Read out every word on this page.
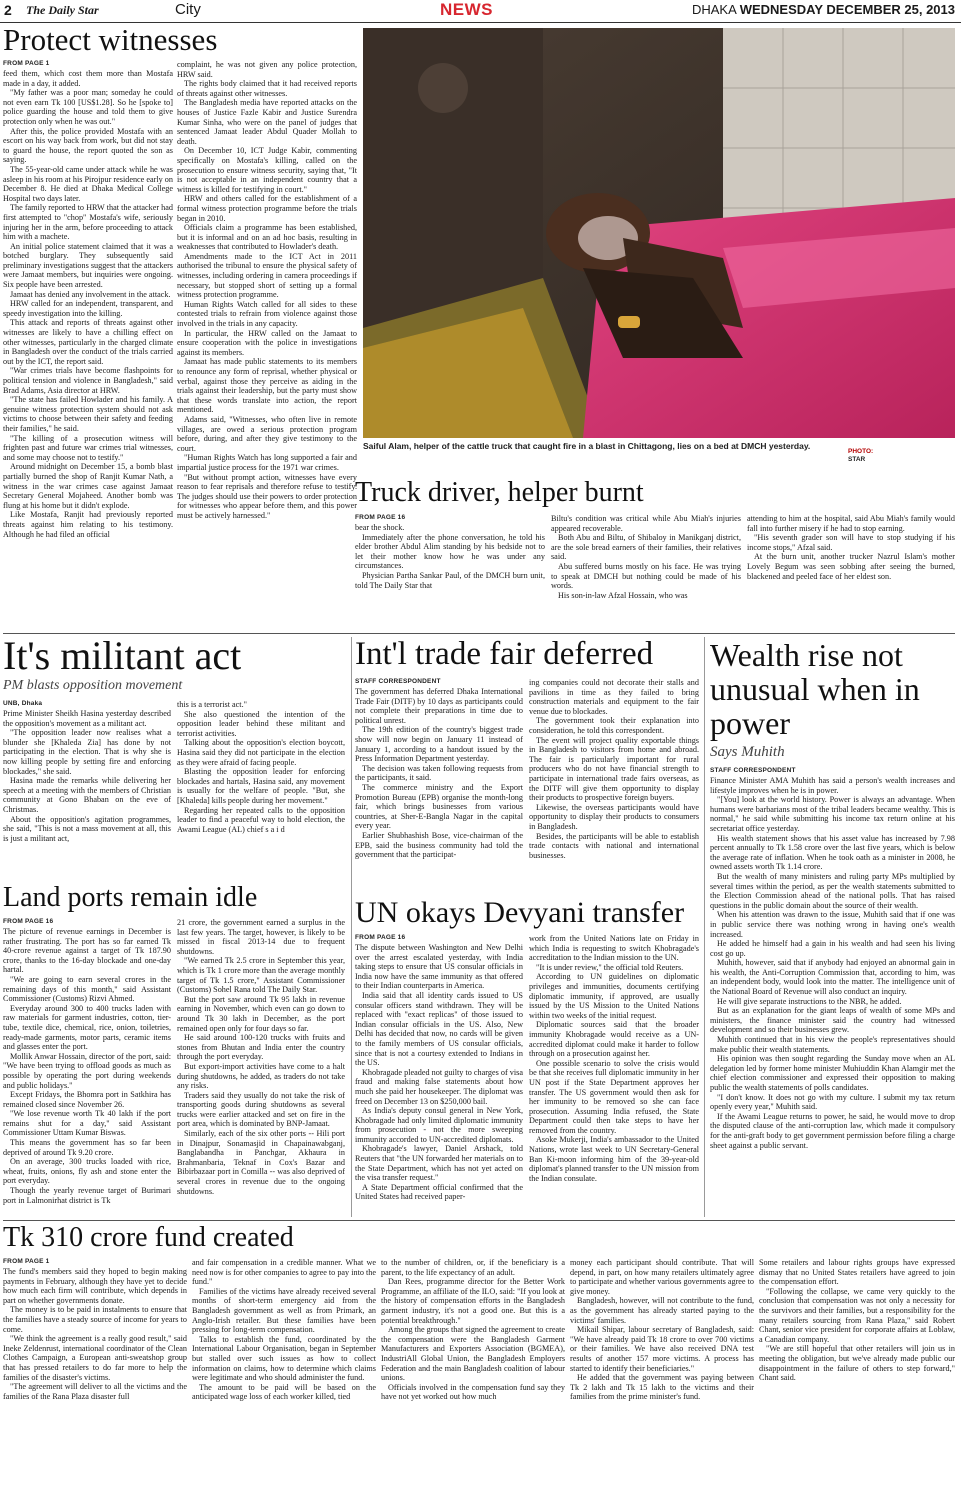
2 The Daily Star	City	NEWS	DHAKA WEDNESDAY DECEMBER 25, 2013
Protect witnesses
FROM PAGE 1

feed them, which cost them more than Mostafa made in a day, it added.

"My father was a poor man; someday he could not even earn Tk 100 [US$1.28]. So he [spoke to] police guarding the house and told them to give protection only when he was out."

After this, the police provided Mostafa with an escort on his way back from work, but did not stay to guard the house, the report quoted the son as saying.

The 55-year-old came under attack while he was asleep in his room at his Pirojpur residence early on December 8. He died at Dhaka Medical College Hospital two days later.

The family reported to HRW that the attacker had first attempted to "chop" Mostafa's wife, seriously injuring her in the arm, before proceeding to attack him with a machete.

An initial police statement claimed that it was a botched burglary. They subsequently said preliminary investigations suggest that the attackers were Jamaat members, but inquiries were ongoing. Six people have been arrested.

Jamaat has denied any involvement in the attack.

HRW called for an independent, transparent, and speedy investigation into the killing.

This attack and reports of threats against other witnesses are likely to have a chilling effect on other witnesses, particularly in the charged climate in Bangladesh over the conduct of the trials carried out by the ICT, the report said.

"War crimes trials have become flashpoints for political tension and violence in Bangladesh," said Brad Adams, Asia director at HRW.

"The state has failed Howlader and his family. A genuine witness protection system should not ask victims to choose between their safety and feeding their families," he said.

"The killing of a prosecution witness will frighten past and future war crimes trial witnesses, and some may choose not to testify."

Around midnight on December 15, a bomb blast partially burned the shop of Ranjit Kumar Nath, a witness in the war crimes case against Jamaat Secretary General Mojaheed. Another bomb was flung at his home but it didn't explode.

Like Mostafa, Ranjit had previously reported threats against him relating to his testimony. Although he had filed an official

complaint, he was not given any police protection, HRW said.

The rights body claimed that it had received reports of threats against other witnesses.

The Bangladesh media have reported attacks on the houses of Justice Fazle Kabir and Justice Surendra Kumar Sinha, who were on the panel of judges that sentenced Jamaat leader Abdul Quader Mollah to death.

On December 10, ICT Judge Kabir, commenting specifically on Mostafa's killing, called on the prosecution to ensure witness security, saying that, "It is not acceptable in an independent country that a witness is killed for testifying in court."

HRW and others called for the establishment of a formal witness protection programme before the trials began in 2010.

Officials claim a programme has been established, but it is informal and on an ad hoc basis, resulting in weaknesses that contributed to Howlader's death.

Amendments made to the ICT Act in 2011 authorised the tribunal to ensure the physical safety of witnesses, including ordering in camera proceedings if necessary, but stopped short of setting up a formal witness protection programme.

Human Rights Watch called for all sides to these contested trials to refrain from violence against those involved in the trials in any capacity.

In particular, the HRW called on the Jamaat to ensure cooperation with the police in investigations against its members.

Jamaat has made public statements to its members to renounce any form of reprisal, whether physical or verbal, against those they perceive as aiding in the trials against their leadership, but the party must show that these words translate into action, the report mentioned.

Adams said, "Witnesses, who often live in remote villages, are owed a serious protection program before, during, and after they give testimony to the court.

"Human Rights Watch has long supported a fair and impartial justice process for the 1971 war crimes.

"But without prompt action, witnesses have every reason to fear reprisals and therefore refuse to testify. The judges should use their powers to order protection for witnesses who appear before them, and this power must be actively harnessed."

Saiful Alam, helper of the cattle truck that caught fire in a blast in Chittagong, lies on a bed at DMCH yesterday.
PHOTO:
STAR
Truck driver, helper burnt
FROM PAGE 16

bear the shock.

Immediately after the phone conversation, he told his elder brother Abdul Alim standing by his bedside not to let their mother know how he was under any circumstances.

Physician Partha Sankar Paul, of the DMCH burn unit, told The Daily Star that

Biltu's condition was critical while Abu Miah's injuries appeared recoverable.

Both Abu and Biltu, of Shibaloy in Manikganj district, are the sole bread earners of their families, their relatives said.

Abu suffered burns mostly on his face. He was trying to speak at DMCH but nothing could be made of his words.

His son-in-law Afzal Hossain, who was

attending to him at the hospital, said Abu Miah's family would fall into further misery if he had to stop earning.

"His seventh grader son will have to stop studying if his income stops," Afzal said.

At the burn unit, another trucker Nazrul Islam's mother Lovely Begum was seen sobbing after seeing the burned, blackened and peeled face of her eldest son.

It's militant act
PM blasts opposition movement
UNB, Dhaka

Prime Minister Sheikh Hasina yesterday described the opposition's movement as a militant act.

"The opposition leader now realises what a blunder she [Khaleda Zia] has done by not participating in the election. That is why she is now killing people by setting fire and enforcing blockades," she said.

Hasina made the remarks while delivering her speech at a meeting with the members of Christian community at Gono Bhaban on the eve of Christmas.

About the opposition's agitation programmes, she said, "This is not a mass movement at all, this is just a militant act,

this is a terrorist act."

She also questioned the intention of the opposition leader behind these militant and terrorist activities.

Talking about the opposition's election boycott, Hasina said they did not participate in the election as they were afraid of facing people.

Blasting the opposition leader for enforcing blockades and hartals, Hasina said, any movement is usually for the welfare of people. "But, she [Khaleda] kills people during her movement."

Regarding her repeated calls to the opposition leader to find a peaceful way to hold election, the Awami League (AL) chief s a i d

Land ports remain idle
FROM PAGE 16

The picture of revenue earnings in December is rather frustrating. The port has so far earned Tk 40-crore revenue against a target of Tk 187.90 crore, thanks to the 16-day blockade and one-day hartal.

"We are going to earn several crores in the remaining days of this month," said Assistant Commissioner (Customs) Rizvi Ahmed.

Everyday around 300 to 400 trucks laden with raw materials for garment industries, cotton, tier-tube, textile dice, chemical, rice, onion, toiletries, ready-made garments, motor parts, ceramic items and glasses enter the port.

Mollik Anwar Hossain, director of the port, said: "We have been trying to offload goods as much as possible by operating the port during weekends and public holidays."

Except Fridays, the Bhomra port in Satkhira has remained closed since November 26.

"We lose revenue worth Tk 40 lakh if the port remains shut for a day," said Assistant Commissioner Uttam Kumar Biswas.

This means the government has so far been deprived of around Tk 9.20 crore.

On an average, 300 trucks loaded with rice, wheat, fruits, onions, fly ash and stone enter the port everyday.

Though the yearly revenue target of Burimari port in Lalmonirhat district is Tk

21 crore, the government earned a surplus in the last few years. The target, however, is likely to be missed in fiscal 2013-14 due to frequent shutdowns.

"We earned Tk 2.5 crore in September this year, which is Tk 1 crore more than the average monthly target of Tk 1.5 crore," Assistant Commissioner (Customs) Sohel Rana told The Daily Star.

But the port saw around Tk 95 lakh in revenue earning in November, which even can go down to around Tk 30 lakh in December, as the port remained open only for four days so far.

He said around 100-120 trucks with fruits and stones from Bhutan and India enter the country through the port everyday.

But export-import activities have come to a halt during shutdowns, he added, as traders do not take any risks.

Traders said they usually do not take the risk of transporting goods during shutdowns as several trucks were earlier attacked and set on fire in the port area, which is dominated by BNP-Jamaat.

Similarly, each of the six other ports -- Hili port in Dinajpur, Sonamasjid in Chapainawabganj, Banglabandha in Panchgar, Akhaura in Brahmanbaria, Teknaf in Cox's Bazar and Bibirbazaar port in Comilla -- was also deprived of several crores in revenue due to the ongoing shutdowns.

Int'l trade fair deferred
STAFF CORRESPONDENT

The government has deferred Dhaka International Trade Fair (DITF) by 10 days as participants could not complete their preparations in time due to political unrest.

The 19th edition of the country's biggest trade show will now begin on January 11 instead of January 1, according to a handout issued by the Press Information Department yesterday.

The decision was taken following requests from the participants, it said.

The commerce ministry and the Export Promotion Bureau (EPB) organise the month-long fair, which brings businesses from various countries, at Sher-E-Bangla Nagar in the capital every year.

Earlier Shubhashish Bose, vice-chairman of the EPB, said the business community had told the government that the participat-

ing companies could not decorate their stalls and pavilions in time as they failed to bring construction materials and equipment to the fair venue due to blockades.

The government took their explanation into consideration, he told this correspondent.

The event will project quality exportable things in Bangladesh to visitors from home and abroad. The fair is particularly important for rural producers who do not have financial strength to participate in international trade fairs overseas, as the DITF will give them opportunity to display their products to prospective foreign buyers.

Likewise, the overseas participants would have opportunity to display their products to consumers in Bangladesh.

Besides, the participants will be able to establish trade contacts with national and international businesses.

UN okays Devyani transfer
FROM PAGE 16

The dispute between Washington and New Delhi over the arrest escalated yesterday, with India taking steps to ensure that US consular officials in India now have the same immunity as that offered to their Indian counterparts in America.

India said that all identity cards issued to US consular officers stand withdrawn. They will be replaced with "exact replicas" of those issued to Indian consular officials in the US. Also, New Delhi has decided that now, no cards will be given to the family members of US consular officials, since that is not a courtesy extended to Indians in the US.

Khobragade pleaded not guilty to charges of visa fraud and making false statements about how much she paid her housekeeper. The diplomat was freed on December 13 on $250,000 bail.

As India's deputy consul general in New York, Khobragade had only limited diplomatic immunity from prosecution - not the more sweeping immunity accorded to UN-accredited diplomats.

Khobragade's lawyer, Daniel Arshack, told Reuters that "the UN forwarded her materials on to the State Department, which has not yet acted on the visa transfer request."

A State Department official confirmed that the United States had received paper-

work from the United Nations late on Friday in which India is requesting to switch Khobragade's accreditation to the Indian mission to the UN.

"It is under review," the official told Reuters.

According to UN guidelines on diplomatic privileges and immunities, documents certifying diplomatic immunity, if approved, are usually issued by the US Mission to the United Nations within two weeks of the initial request.

Diplomatic sources said that the broader immunity Khobragade would receive as a UN-accredited diplomat could make it harder to follow through on a prosecution against her.

One possible scenario to solve the crisis would be that she receives full diplomatic immunity in her UN post if the State Department approves her transfer. The US government would then ask for her immunity to be removed so she can face prosecution. Assuming India refused, the State Department could then take steps to have her removed from the country.

Asoke Mukerji, India's ambassador to the United Nations, wrote last week to UN Secretary-General Ban Ki-moon informing him of the 39-year-old diplomat's planned transfer to the UN mission from the Indian consulate.

Wealth rise not unusual when in power
Says Muhith
STAFF CORRESPONDENT

Finance Minister AMA Muhith has said a person's wealth increases and lifestyle improves when he is in power.

"[You] look at the world history. Power is always an advantage. When humans were barbarians most of the tribal leaders became wealthy. This is normal," he said while submitting his income tax return online at his secretariat office yesterday.

His wealth statement shows that his asset value has increased by 7.98 percent annually to Tk 1.58 crore over the last five years, which is below the average rate of inflation. When he took oath as a minister in 2008, he owned assets worth Tk 1.14 crore.

But the wealth of many ministers and ruling party MPs multiplied by several times within the period, as per the wealth statements submitted to the Election Commission ahead of the national polls. That has raised questions in the public domain about the source of their wealth.

When his attention was drawn to the issue, Muhith said that if one was in public service there was nothing wrong in having one's wealth increased.

He added he himself had a gain in his wealth and had seen his living cost go up.

Muhith, however, said that if anybody had enjoyed an abnormal gain in his wealth, the Anti-Corruption Commission that, according to him, was an independent body, would look into the matter. The intelligence unit of the National Board of Revenue will also conduct an inquiry.

He will give separate instructions to the NBR, he added.

But as an explanation for the giant leaps of wealth of some MPs and ministers, the finance minister said the country had witnessed development and so their businesses grew.

Muhith continued that in his view the people's representatives should make public their wealth statements.

His opinion was then sought regarding the Sunday move when an AL delegation led by former home minister Muhiuddin Khan Alamgir met the chief election commissioner and expressed their opposition to making public the wealth statements of polls candidates.

"I don't know. It does not go with my culture. I submit my tax return openly every year," Muhith said.

If the Awami League returns to power, he said, he would move to drop the disputed clause of the anti-corruption law, which made it compulsory for the anti-graft body to get government permission before filing a charge sheet against a public servant.

Tk 310 crore fund created
FROM PAGE 1

The fund's members said they hoped to begin making payments in February, although they have yet to decide how much each firm will contribute, which depends in part on whether governments donate.

The money is to be paid in instalments to ensure that the families have a steady source of income for years to come.

"We think the agreement is a really good result," said Ineke Zeldenrust, international coordinator of the Clean Clothes Campaign, a European anti-sweatshop group that has pressed retailers to do far more to help the families of the disaster's victims.

"The agreement will deliver to all the victims and the families of the Rana Plaza disaster full

and fair compensation in a credible manner. What we need now is for other companies to agree to pay into the fund."

Families of the victims have already received several months of short-term emergency aid from the Bangladesh government as well as from Primark, an Anglo-Irish retailer. But these families have been pressing for long-term compensation.

Talks to establish the fund, coordinated by the International Labour Organisation, began in September but stalled over such issues as how to collect information on claims, how to determine which claims were legitimate and who should administer the fund.

The amount to be paid will be based on the anticipated wage loss of each worker killed, tied

to the number of children, or, if the beneficiary is a parent, to the life expectancy of an adult.

Dan Rees, programme director for the Better Work Programme, an affiliate of the ILO, said: "If you look at the history of compensation efforts in the Bangladesh garment industry, it's not a good one. But this is a potential breakthrough."

Among the groups that signed the agreement to create the compensation were the Bangladesh Garment Manufacturers and Exporters Association (BGMEA), IndustriAll Global Union, the Bangladesh Employers Federation and the main Bangladesh coalition of labour unions.

Officials involved in the compensation fund say they have not yet worked out how much

money each participant should contribute. That will depend, in part, on how many retailers ultimately agree to participate and whether various governments agree to give money.

Bangladesh, however, will not contribute to the fund, as the government has already started paying to the victims' families.

Mikail Shipar, labour secretary of Bangladesh, said: "We have already paid Tk 18 crore to over 700 victims or their families. We have also received DNA test results of another 157 more victims. A process has started to identify their beneficiaries."

He added that the government was paying between Tk 2 lakh and Tk 15 lakh to the victims and their families from the prime minister's fund.

Some retailers and labour rights groups have expressed dismay that no United States retailers have agreed to join the compensation effort.

"Following the collapse, we came very quickly to the conclusion that compensation was not only a necessity for the survivors and their families, but a responsibility for the many retailers sourcing from Rana Plaza," said Robert Chant, senior vice president for corporate affairs at Loblaw, a Canadian company.

"We are still hopeful that other retailers will join us in meeting the obligation, but we've already made public our disappointment in the failure of others to step forward," Chant said.
